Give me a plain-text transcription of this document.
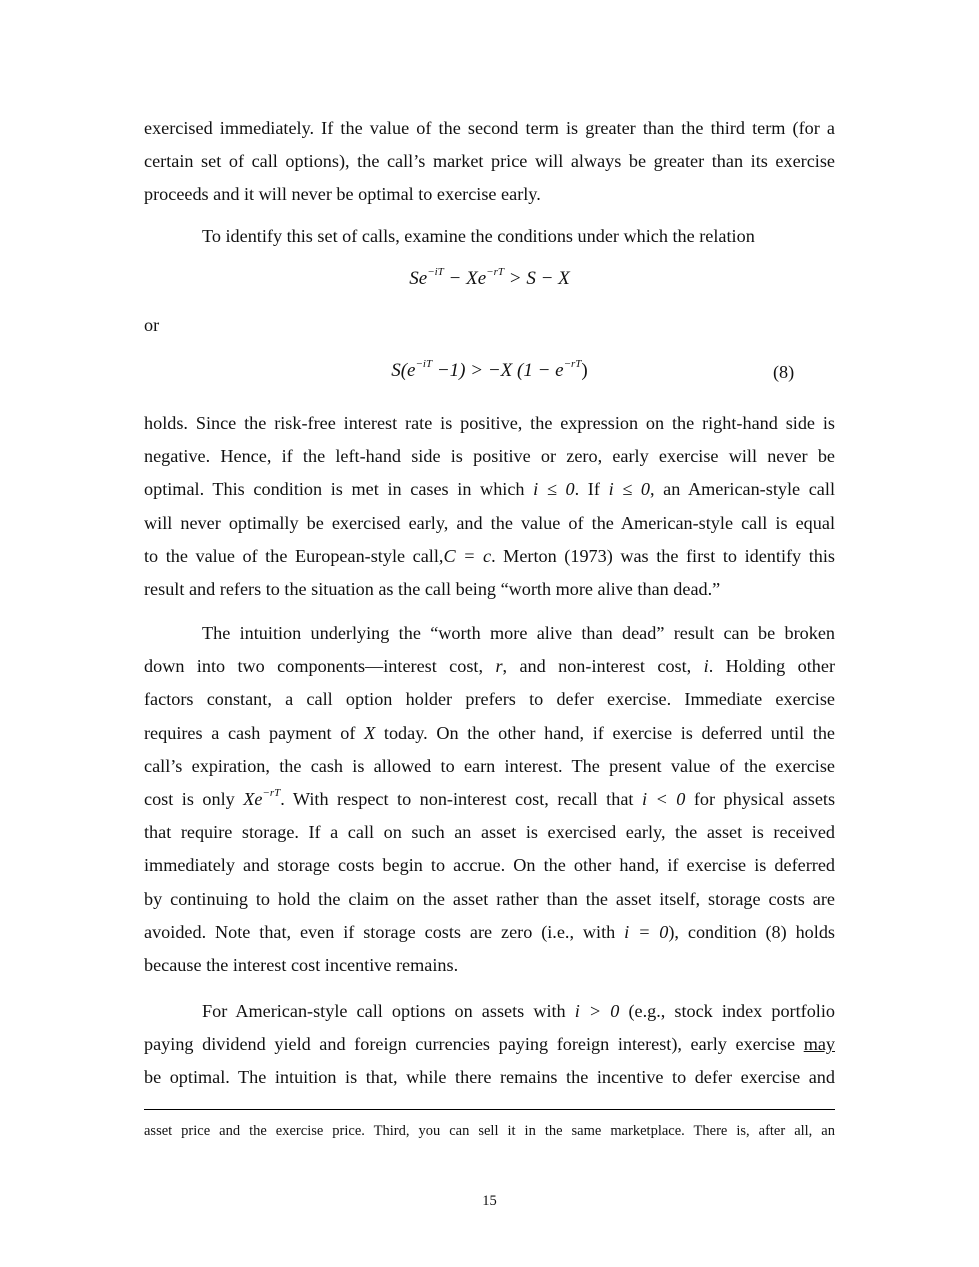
exercised immediately. If the value of the second term is greater than the third term (for a
certain set of call options), the call’s market price will always be greater than its exercise
proceeds and it will never be optimal to exercise early.
To identify this set of calls, examine the conditions under which the relation
$Se^{-iT} - Xe^{-rT} > S - X$
or
$S(e^{-iT} -1) > -X$ $(1 - e^{-rT})$	(8)
holds. Since the risk-free interest rate is positive, the expression on the right-hand side is
negative. Hence, if the left-hand side is positive or zero, early exercise will never be
optimal. This condition is met in cases in which i ≤ 0. If i ≤ 0, an American-style call
will never optimally be exercised early, and the value of the American-style call is equal
to the value of the European-style call,C = c. Merton (1973) was the first to identify this
result and refers to the situation as the call being “worth more alive than dead.”
The intuition underlying the “worth more alive than dead” result can be broken
down into two components—interest cost, r, and non-interest cost, i. Holding other
factors constant, a call option holder prefers to defer exercise. Immediate exercise
requires a cash payment of X today. On the other hand, if exercise is deferred until the
call’s expiration, the cash is allowed to earn interest. The present value of the exercise
cost is only $Xe^{-rT}$. With respect to non-interest cost, recall that i < 0 for physical assets
that require storage. If a call on such an asset is exercised early, the asset is received
immediately and storage costs begin to accrue. On the other hand, if exercise is deferred
by continuing to hold the claim on the asset rather than the asset itself, storage costs are
avoided. Note that, even if storage costs are zero (i.e., with i = 0), condition (8) holds
because the interest cost incentive remains.
For American-style call options on assets with i > 0 (e.g., stock index portfolio
paying dividend yield and foreign currencies paying foreign interest), early exercise may
be optimal. The intuition is that, while there remains the incentive to defer exercise and
asset price and the exercise price. Third, you can sell it in the same marketplace. There is, after all, an
15
